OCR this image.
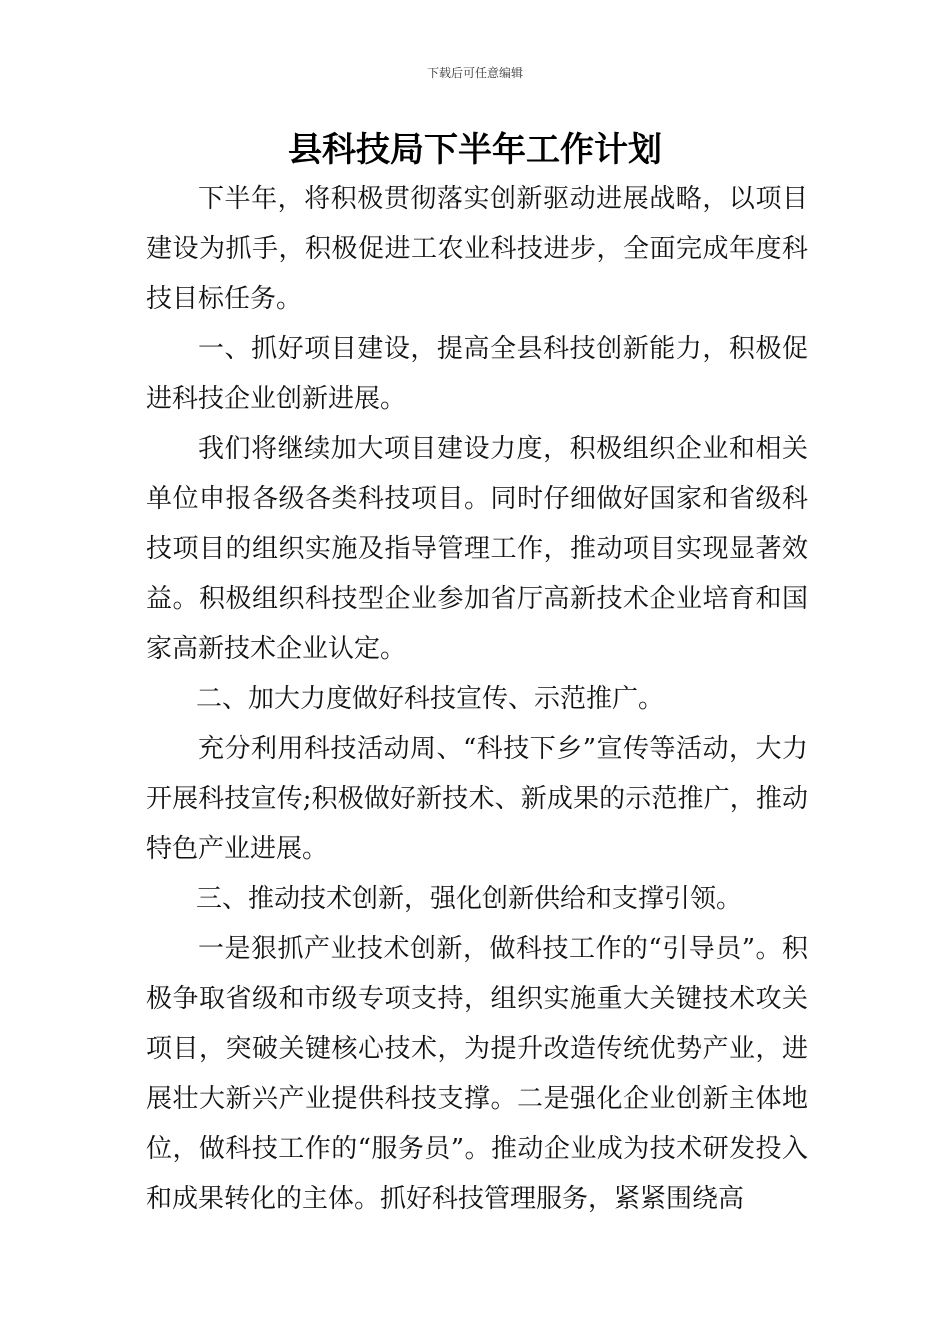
下载后可任意编辑
县科技局下半年工作计划

下半年，将积极贯彻落实创新驱动进展战略，以项目建设为抓手，积极促进工农业科技进步，全面完成年度科技目标任务。

一、抓好项目建设，提高全县科技创新能力，积极促进科技企业创新进展。

我们将继续加大项目建设力度，积极组织企业和相关单位申报各级各类科技项目。同时仔细做好国家和省级科技项目的组织实施及指导管理工作，推动项目实现显著效益。积极组织科技型企业参加省厅高新技术企业培育和国家高新技术企业认定。

二、加大力度做好科技宣传、示范推广。

充分利用科技活动周、“科技下乡”宣传等活动，大力开展科技宣传;积极做好新技术、新成果的示范推广，推动特色产业进展。

三、推动技术创新，强化创新供给和支撑引领。

一是狠抓产业技术创新，做科技工作的“引导员”。积极争取省级和市级专项支持，组织实施重大关键技术攻关项目，突破关键核心技术，为提升改造传统优势产业，进展壮大新兴产业提供科技支撑。二是强化企业创新主体地位，做科技工作的“服务员”。推动企业成为技术研发投入和成果转化的主体。抓好科技管理服务，紧紧围绕高
